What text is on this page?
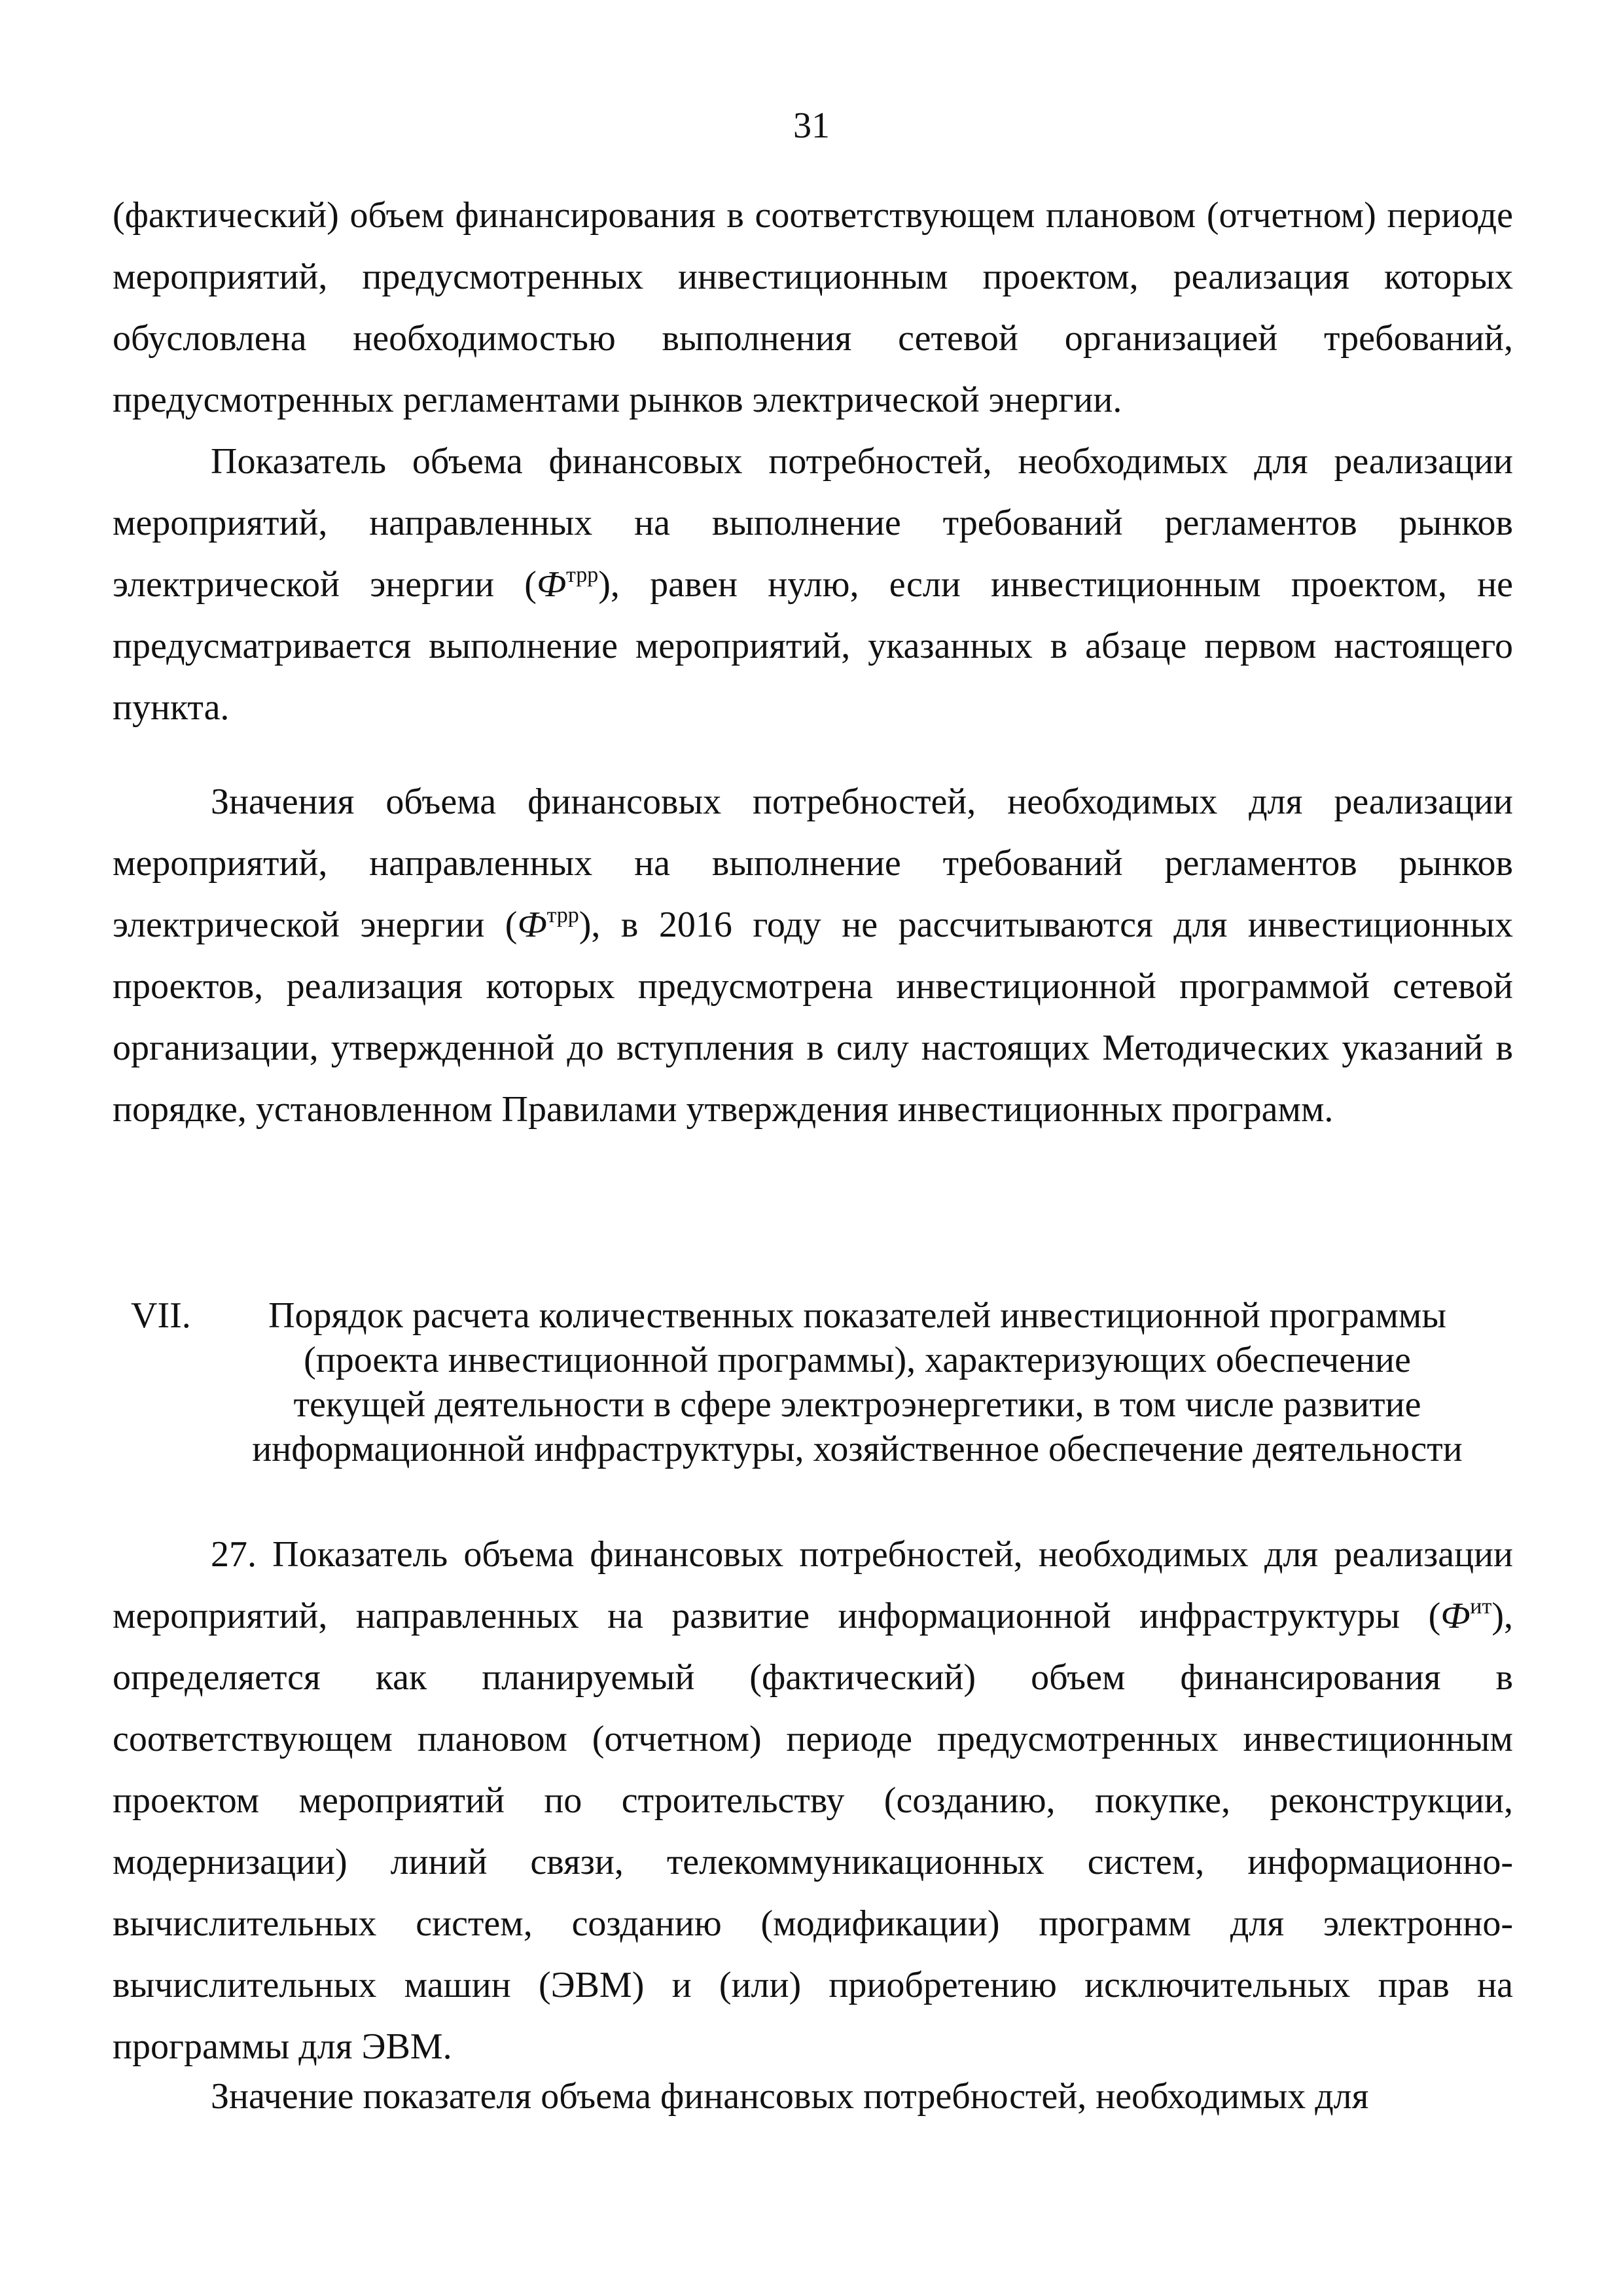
31

(фактический) объем финансирования в соответствующем плановом (отчетном) периоде мероприятий, предусмотренных инвестиционным проектом, реализация которых обусловлена необходимостью выполнения сетевой организацией требований, предусмотренных регламентами рынков электрической энергии.

Показатель объема финансовых потребностей, необходимых для реализации мероприятий, направленных на выполнение требований регламентов рынков электрической энергии $(Ф^{трр})$, равен нулю, если инвестиционным проектом, не предусматривается выполнение мероприятий, указанных в абзаце первом настоящего пункта.

Значения объема финансовых потребностей, необходимых для реализации мероприятий, направленных на выполнение требований регламентов рынков электрической энергии $(Ф^{трр})$, в 2016 году не рассчитываются для инвестиционных проектов, реализация которых предусмотрена инвестиционной программой сетевой организации, утвержденной до вступления в силу настоящих Методических указаний в порядке, установленном Правилами утверждения инвестиционных программ.

VII.	Порядок расчета количественных показателей инвестиционной программы
(проекта инвестиционной программы), характеризующих обеспечение
текущей деятельности в сфере электроэнергетики, в том числе развитие
информационной инфраструктуры, хозяйственное обеспечение деятельности

27. Показатель объема финансовых потребностей, необходимых для реализации мероприятий, направленных на развитие информационной инфраструктуры $(Ф^{ит})$, определяется как планируемый (фактический) объем финансирования в соответствующем плановом (отчетном) периоде предусмотренных инвестиционным проектом мероприятий по строительству (созданию, покупке, реконструкции, модернизации) линий связи, телекоммуникационных систем, информационно-вычислительных систем, созданию (модификации) программ для электронно-вычислительных машин (ЭВМ) и (или) приобретению исключительных прав на программы для ЭВМ.

Значение показателя объема финансовых потребностей, необходимых для
